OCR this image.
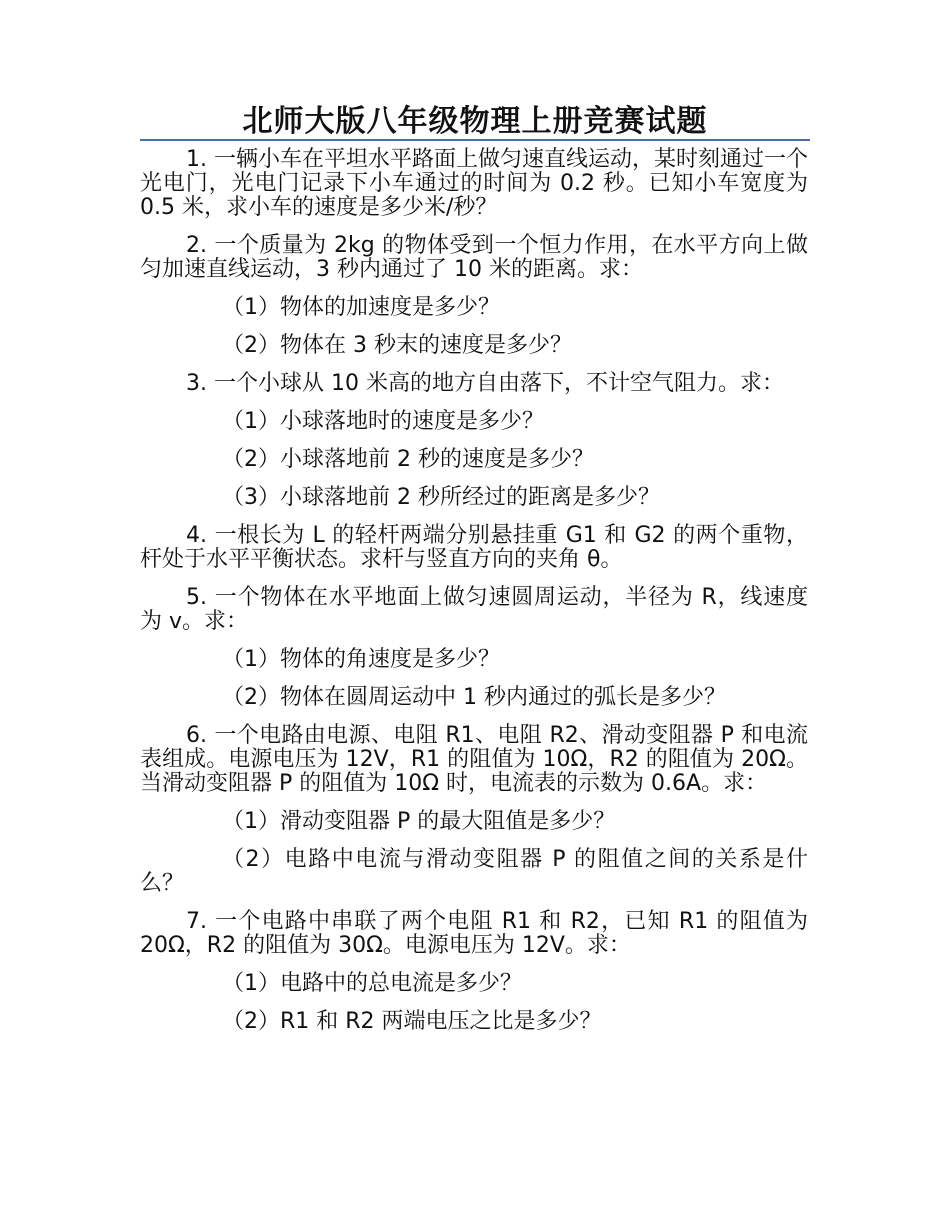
北师大版八年级物理上册竞赛试题

1. 一辆小车在平坦水平路面上做匀速直线运动，某时刻通过一个光电门，光电门记录下小车通过的时间为 0.2 秒。已知小车宽度为 0.5 米，求小车的速度是多少米/秒？

2. 一个质量为 2kg 的物体受到一个恒力作用，在水平方向上做匀加速直线运动，3 秒内通过了 10 米的距离。求：

（1）物体的加速度是多少？

（2）物体在 3 秒末的速度是多少？

3. 一个小球从 10 米高的地方自由落下，不计空气阻力。求：

（1）小球落地时的速度是多少？

（2）小球落地前 2 秒的速度是多少？

（3）小球落地前 2 秒所经过的距离是多少？

4. 一根长为 L 的轻杆两端分别悬挂重 G1 和 G2 的两个重物，杆处于水平平衡状态。求杆与竖直方向的夹角 θ。

5. 一个物体在水平地面上做匀速圆周运动，半径为 R，线速度为 v。求：

（1）物体的角速度是多少？

（2）物体在圆周运动中 1 秒内通过的弧长是多少？

6. 一个电路由电源、电阻 R1、电阻 R2、滑动变阻器 P 和电流表组成。电源电压为 12V，R1 的阻值为 10Ω，R2 的阻值为 20Ω。当滑动变阻器 P 的阻值为 10Ω 时，电流表的示数为 0.6A。求：

（1）滑动变阻器 P 的最大阻值是多少？

（2）电路中电流与滑动变阻器 P 的阻值之间的关系是什么？

7. 一个电路中串联了两个电阻 R1 和 R2，已知 R1 的阻值为 20Ω，R2 的阻值为 30Ω。电源电压为 12V。求：

（1）电路中的总电流是多少？

（2）R1 和 R2 两端电压之比是多少？
